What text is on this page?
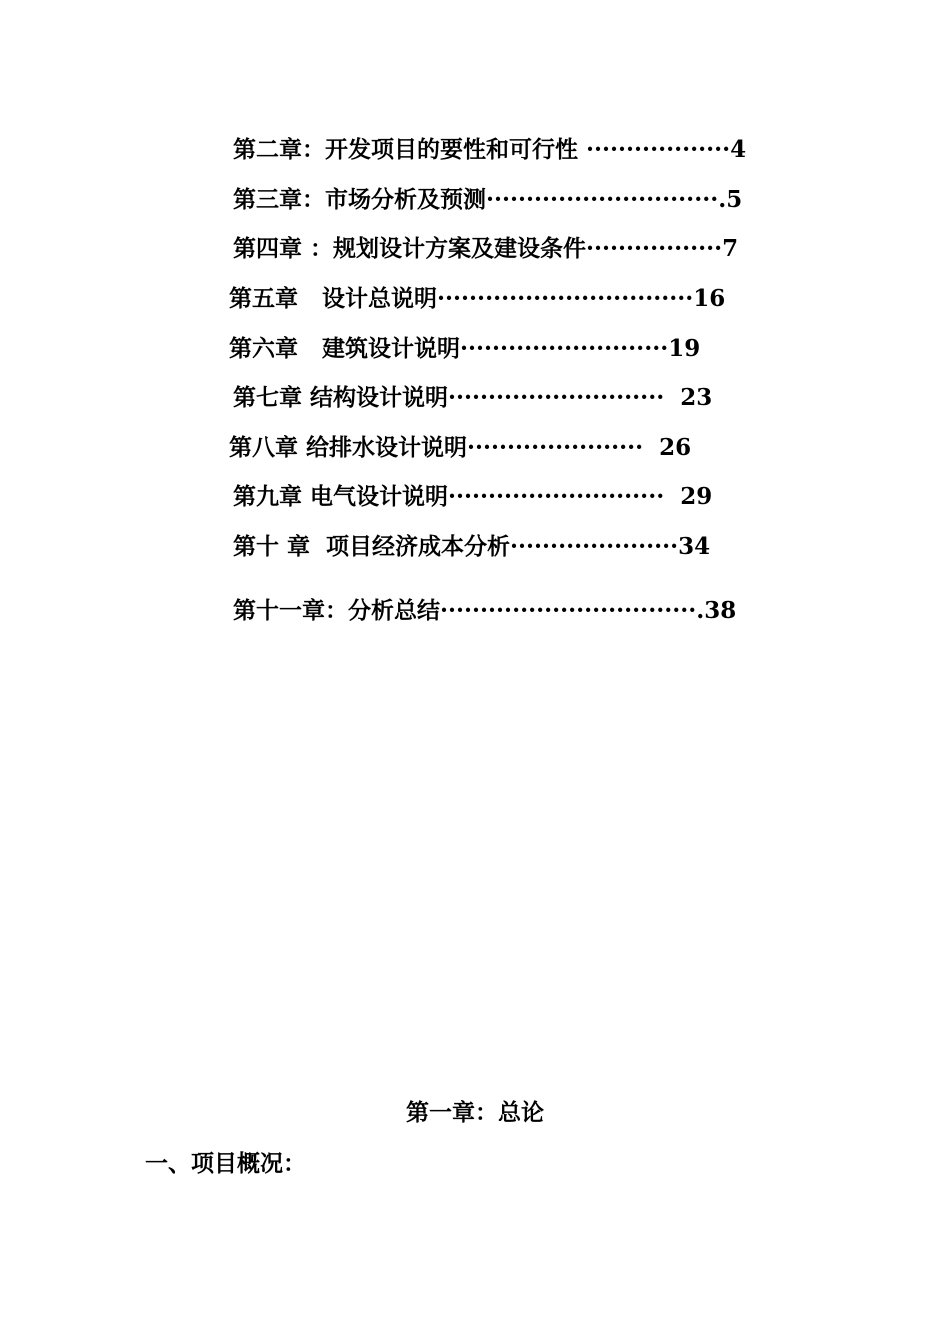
第二章：开发项目的要性和可行性 ··················4
第三章：市场分析及预测·····························.5
第四章 ：规划设计方案及建设条件·················7
第五章   设计总说明································16
第六章   建筑设计说明··························19
第七章 结构设计说明···························  23
第八章 给排水设计说明······················  26
第九章 电气设计说明···························  29
第十 章  项目经济成本分析·····················34
第十一章：分析总结································.38
第一章：总论
一、项目概况：
